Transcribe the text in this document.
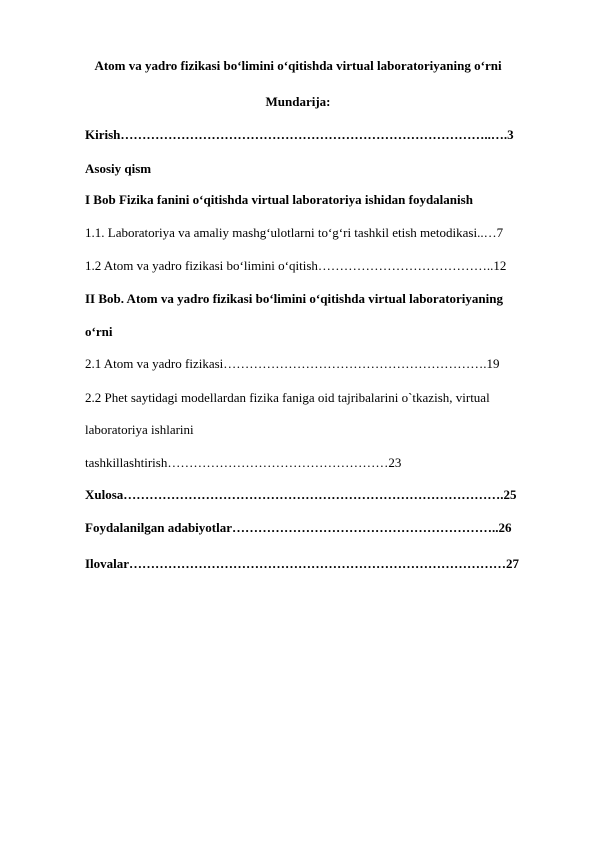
Atom va yadro fizikasi bo‘limini o‘qitishda virtual laboratoriyaning o‘rni
Mundarija:
Kirish…………………………………………………………………………..….3
Asosiy qism
I Bob Fizika fanini o‘qitishda virtual laboratoriya ishidan foydalanish
1.1. Laboratoriya va amaliy mashg‘ulotlarni to‘g‘ri tashkil etish metodikasi..…7
1.2 Atom va yadro fizikasi bo‘limini o‘qitish…………………………………..12
II Bob. Atom va yadro fizikasi bo‘limini o‘qitishda virtual laboratoriyaning
o‘rni
2.1 Atom va yadro fizikasi…………………………………………………….19
2.2 Phet saytidagi modellardan fizika faniga oid tajribalarini o`tkazish, virtual
laboratoriya ishlarini
tashkillashtirish……………………………………………23
Xulosa…………………………………………………………………………….25
Foydalanilgan adabiyotlar……………………………………………………..26
Ilovalar……………………………………………………………………………27
